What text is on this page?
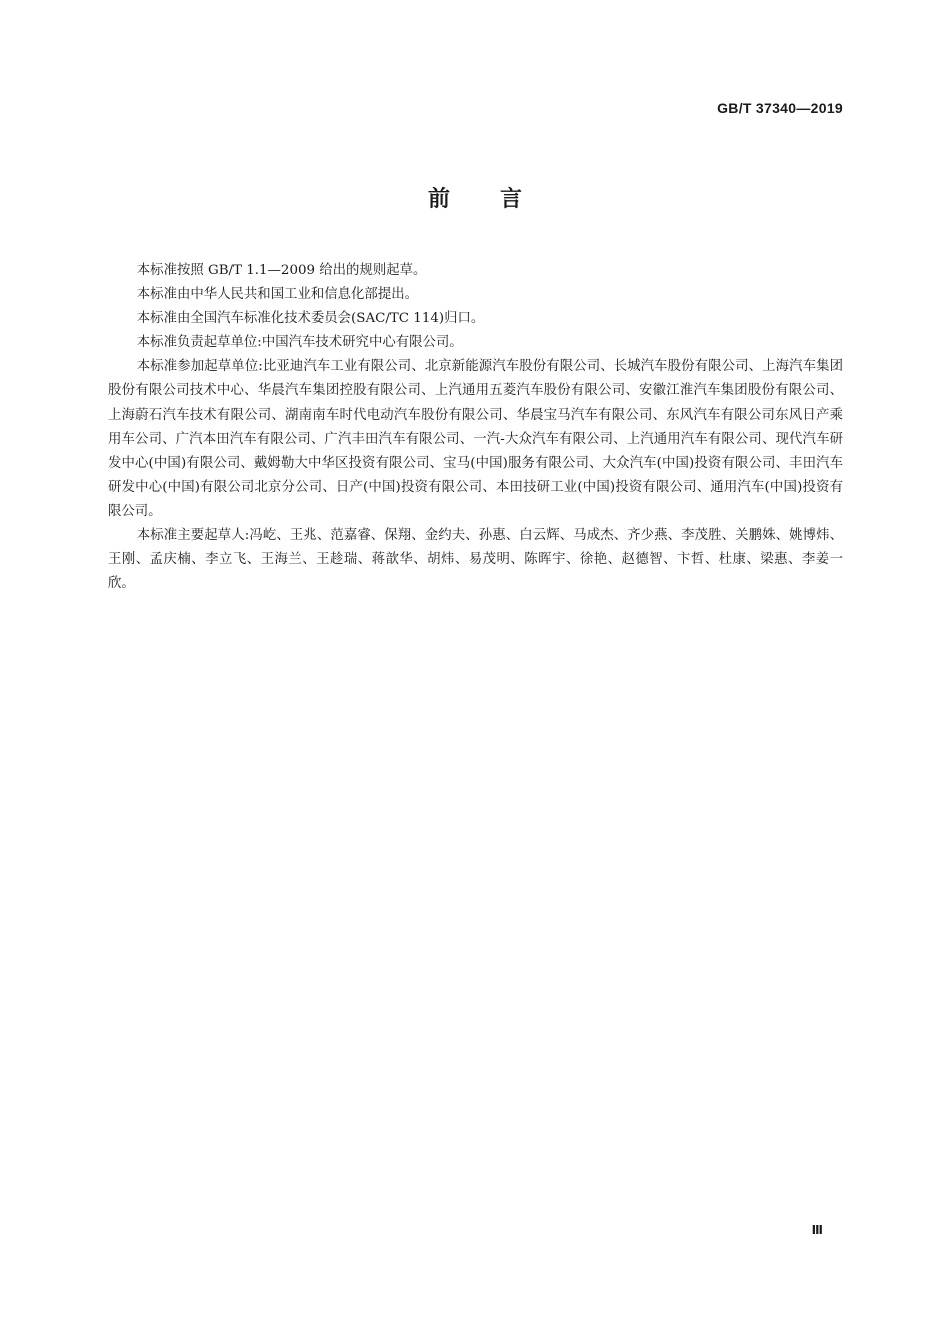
GB/T 37340—2019
前言

本标准按照 GB/T 1.1—2009 给出的规则起草。

本标准由中华人民共和国工业和信息化部提出。

本标准由全国汽车标准化技术委员会(SAC/TC 114)归口。

本标准负责起草单位:中国汽车技术研究中心有限公司。

本标准参加起草单位:比亚迪汽车工业有限公司、北京新能源汽车股份有限公司、长城汽车股份有限公司、上海汽车集团股份有限公司技术中心、华晨汽车集团控股有限公司、上汽通用五菱汽车股份有限公司、安徽江淮汽车集团股份有限公司、上海蔚石汽车技术有限公司、湖南南车时代电动汽车股份有限公司、华晨宝马汽车有限公司、东风汽车有限公司东风日产乘用车公司、广汽本田汽车有限公司、广汽丰田汽车有限公司、一汽-大众汽车有限公司、上汽通用汽车有限公司、现代汽车研发中心(中国)有限公司、戴姆勒大中华区投资有限公司、宝马(中国)服务有限公司、大众汽车(中国)投资有限公司、丰田汽车研发中心(中国)有限公司北京分公司、日产(中国)投资有限公司、本田技研工业(中国)投资有限公司、通用汽车(中国)投资有限公司。

本标准主要起草人:冯屹、王兆、范嘉睿、保翔、金约夫、孙惠、白云辉、马成杰、齐少燕、李茂胜、关鹏姝、姚博炜、王刚、孟庆楠、李立飞、王海兰、王趁瑞、蒋歆华、胡炜、易茂明、陈晖宇、徐艳、赵德智、卞哲、杜康、梁惠、李姜一欣。

Ⅲ
